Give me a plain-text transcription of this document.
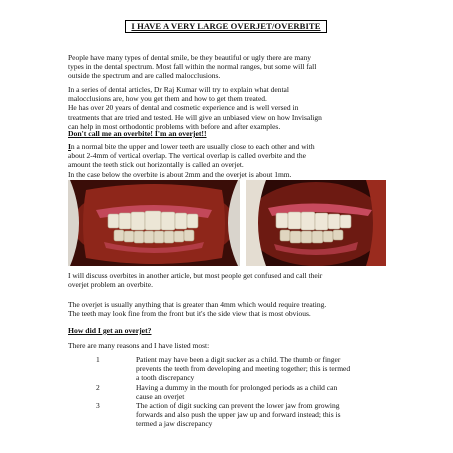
I HAVE A VERY LARGE OVERJET/OVERBITE
People have many types of dental smile, be they beautiful or ugly there are many
types in the dental spectrum. Most fall within the normal ranges, but some will fall
outside the spectrum and are called malocclusions.
In a series of dental articles, Dr Raj Kumar will try to explain what dental
malocclusions are, how you get them and how to get them treated.
He has over 20 years of dental and cosmetic experience and is well versed in
treatments that are tried and tested. He will give an unbiased view on how Invisalign
can help in most orthodontic problems with before and after examples.
Don't call me an overbite! I'm an overjet!!
In a normal bite the upper and lower teeth are usually close to each other and with
about 2-4mm of vertical overlap. The vertical overlap is called overbite and the
amount the teeth stick out horizontally is called an overjet.
In the case below the overbite is about 2mm and the overjet is about 1mm.
I will discuss overbites in another article, but most people get confused and call their
overjet problem an overbite.
The overjet is usually anything that is greater than 4mm which would require treating.
The teeth may look fine from the front but it's the side view that is most obvious.
How did I get an overjet?
There are many reasons and I have listed most:
1	Patient may have been a digit sucker as a child. The thumb or finger
prevents the teeth from developing and meeting together; this is termed
a tooth discrepancy
2	Having a dummy in the mouth for prolonged periods as a child can
cause an overjet
3	The action of digit sucking can prevent the lower jaw from growing
forwards and also push the upper jaw up and forward instead; this is
termed a jaw discrepancy
